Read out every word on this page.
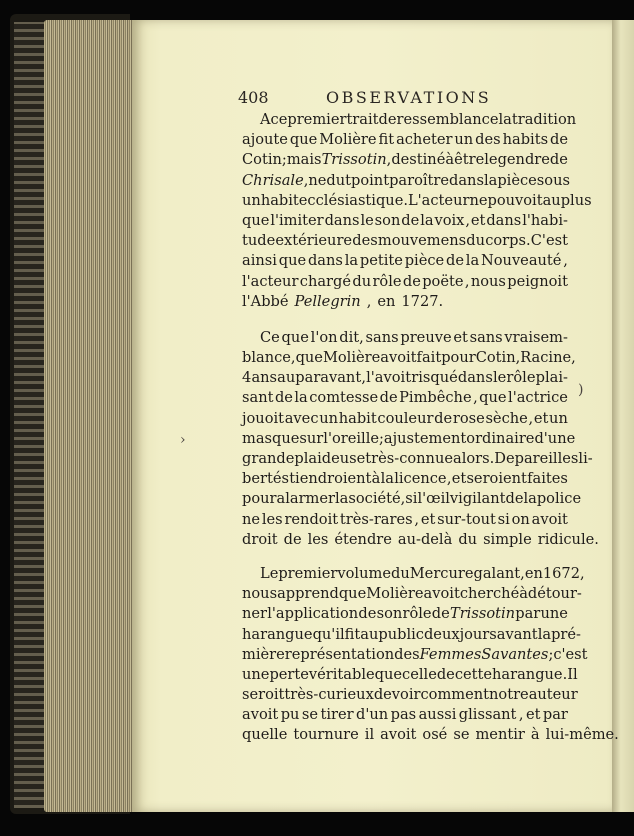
408	OBSERVATIONS
A ce premier trait de ressemblance la tradition
ajoute que Molière fit acheter un des habits de
Cotin ; mais Trissotin , destiné à être le gendre de
Chrisale , ne dut point paroître dans la pièce sous
un habit ecclésiastique. L'acteur ne pouvoit au plus
que l'imiter dans le son de la voix , et dans l'habi-
tude extérieure des mouvemens du corps. C'est
ainsi que dans la petite pièce de la Nouveauté ,
l'acteur chargé du rôle de poëte , nous peignoit
l'Abbé Pellegrin , en 1727.
Ce que l'on dit, sans preuve et sans vraisem-
blance , que Molière avoit fait pour Cotin , Racine,
4 ans auparavant , l'avoit risqué dans le rôle plai-
sant de la comtesse de Pimbêche , que l'actrice
jouoit avec un habit couleur de rose sèche , et un
masque sur l'oreille ; ajustement ordinaire d'une
grande plaideuse très-connue alors. De pareilles li-
bertés tiendroient à la licence , et seroient faites
pour alarmer la société , si l'œil vigilant de la police
ne les rendoit très-rares , et sur-tout si on avoit
droit de les étendre au-delà du simple ridicule.
Le premier volume du Mercure galant , en 1672,
nous apprend que Molière avoit cherché à détour-
ner l'application de son rôle de Trissotin par une
harangue qu'il fit au public deux jours avant la pré-
mière représentation des Femmes Savantes ; c'est
une perte véritable que celle de cette harangue. Il
seroit très-curieux de voir comment notre auteur
avoit pu se tirer d'un pas aussi glissant , et par
quelle tournure il avoit osé se mentir à lui-même.
)
›
